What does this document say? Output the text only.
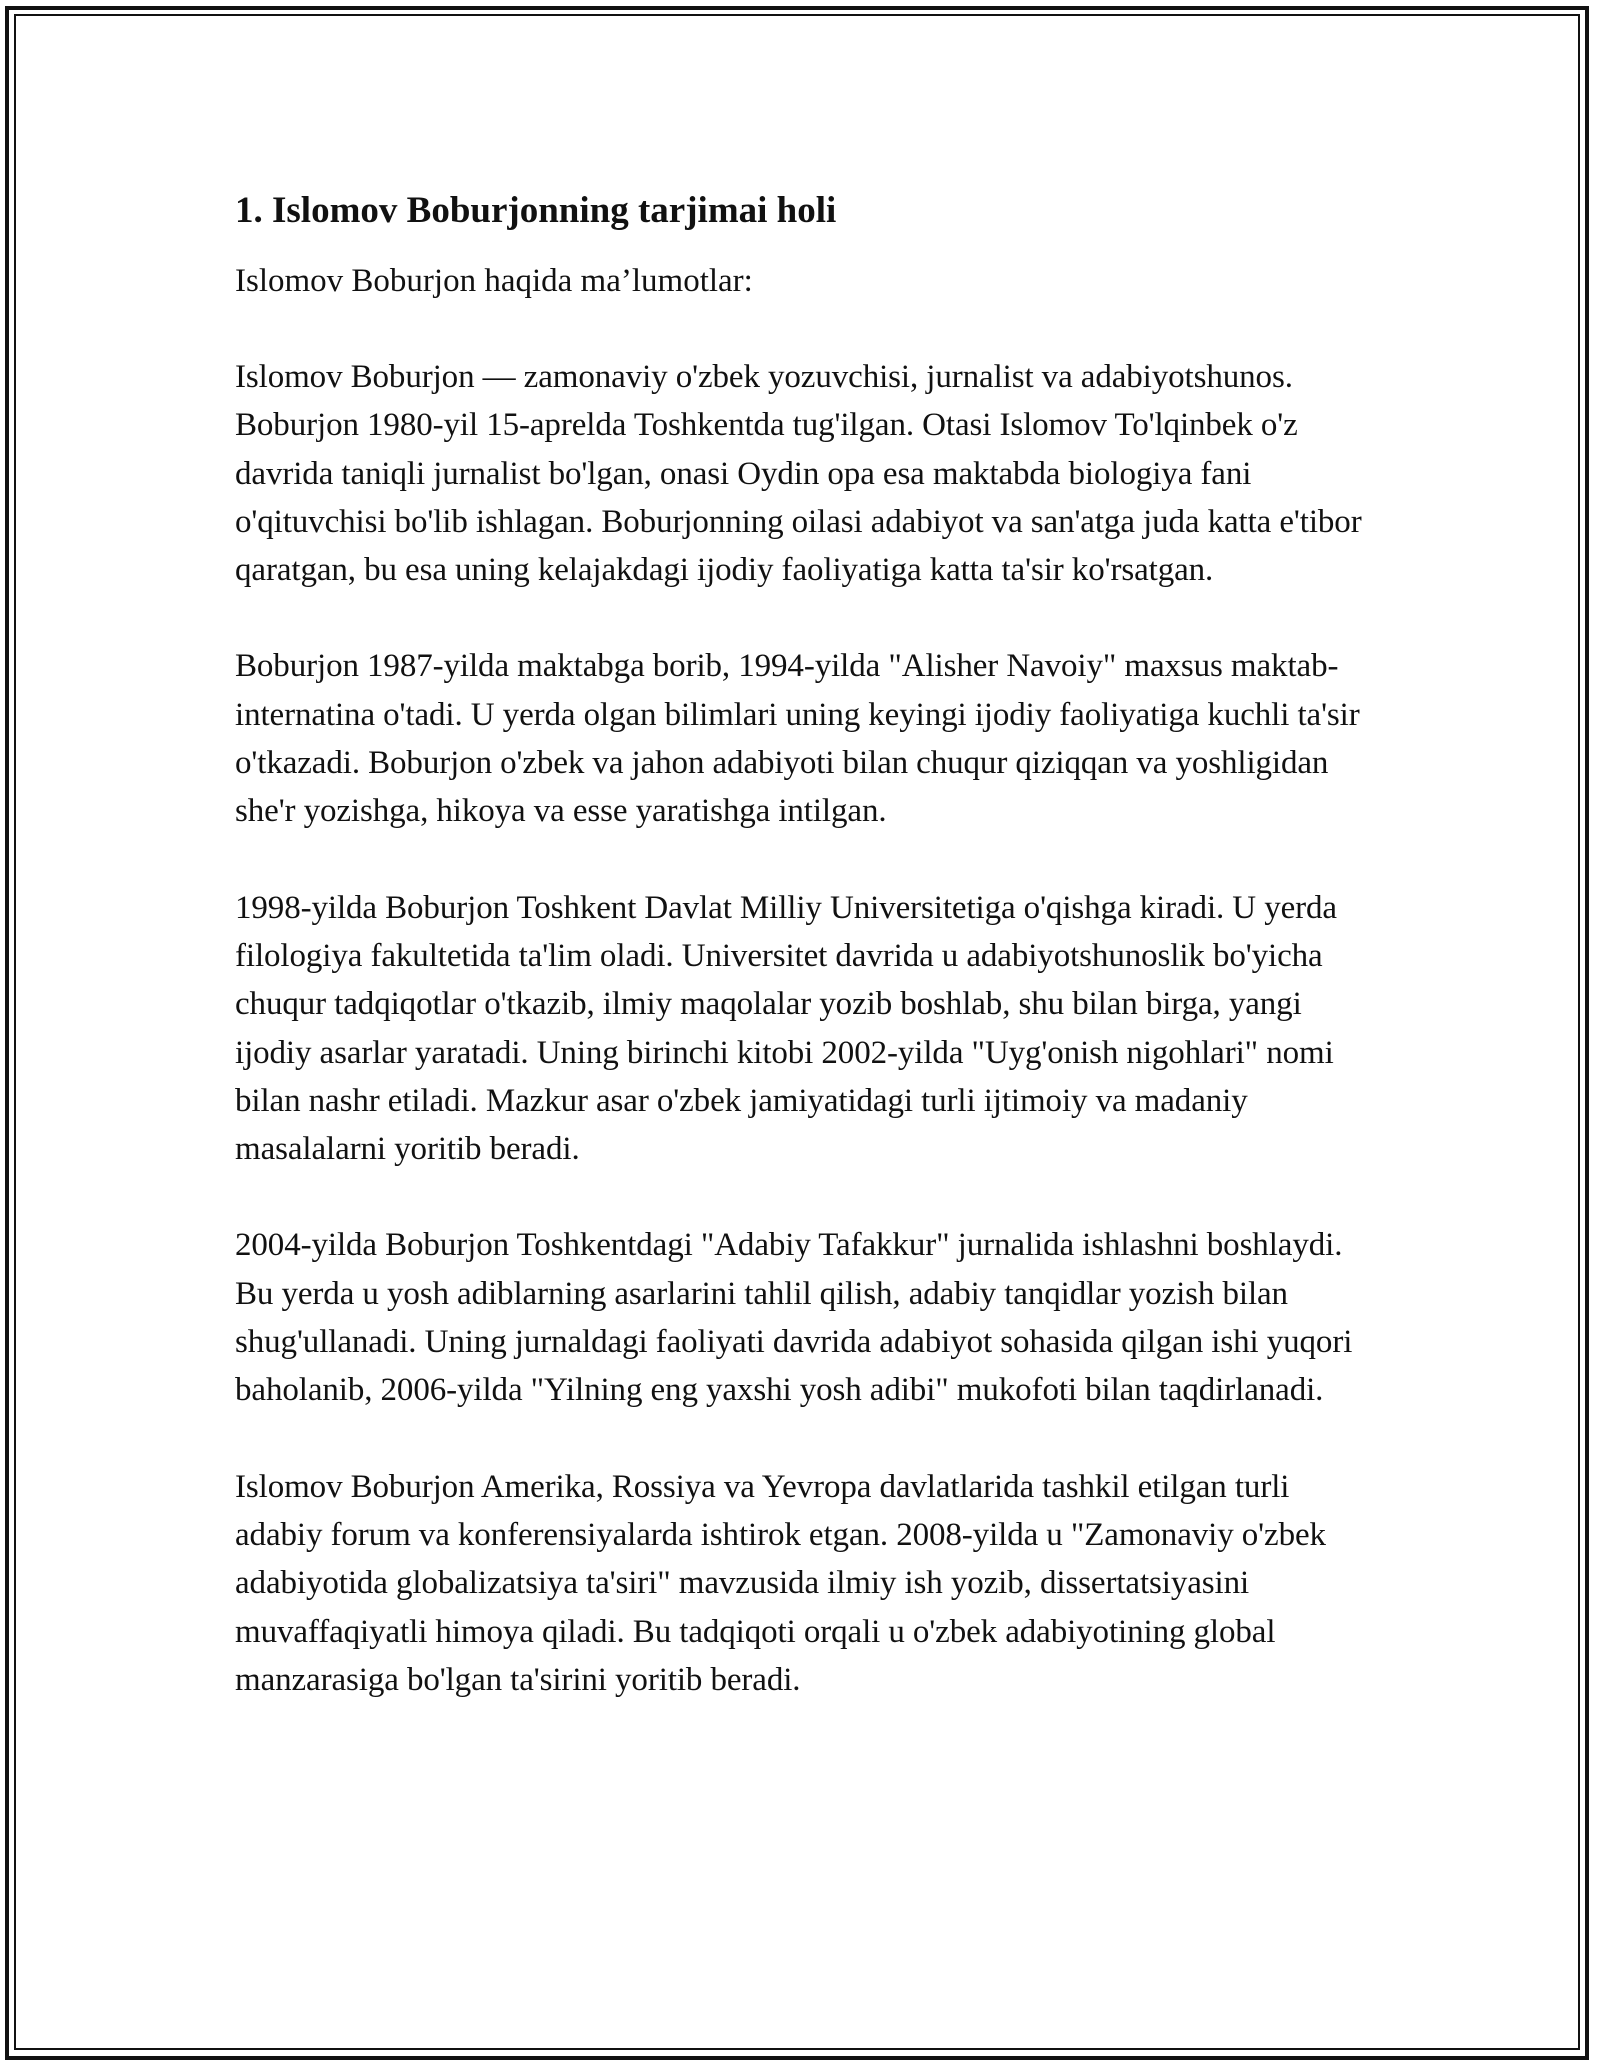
1. Islomov Boburjonning tarjimai holi

Islomov Boburjon haqida ma’lumotlar:

Islomov Boburjon — zamonaviy o'zbek yozuvchisi, jurnalist va adabiyotshunos. Boburjon 1980-yil 15-aprelda Toshkentda tug'ilgan. Otasi Islomov To'lqinbek o'z davrida taniqli jurnalist bo'lgan, onasi Oydin opa esa maktabda biologiya fani o'qituvchisi bo'lib ishlagan. Boburjonning oilasi adabiyot va san'atga juda katta e'tibor qaratgan, bu esa uning kelajakdagi ijodiy faoliyatiga katta ta'sir ko'rsatgan.

Boburjon 1987-yilda maktabga borib, 1994-yilda "Alisher Navoiy" maxsus maktab-internatina o'tadi. U yerda olgan bilimlari uning keyingi ijodiy faoliyatiga kuchli ta'sir o'tkazadi. Boburjon o'zbek va jahon adabiyoti bilan chuqur qiziqqan va yoshligidan she'r yozishga, hikoya va esse yaratishga intilgan.

1998-yilda Boburjon Toshkent Davlat Milliy Universitetiga o'qishga kiradi. U yerda filologiya fakultetida ta'lim oladi. Universitet davrida u adabiyotshunoslik bo'yicha chuqur tadqiqotlar o'tkazib, ilmiy maqolalar yozib boshlab, shu bilan birga, yangi ijodiy asarlar yaratadi. Uning birinchi kitobi 2002-yilda "Uyg'onish nigohlari" nomi bilan nashr etiladi. Mazkur asar o'zbek jamiyatidagi turli ijtimoiy va madaniy masalalarni yoritib beradi.

2004-yilda Boburjon Toshkentdagi "Adabiy Tafakkur" jurnalida ishlashni boshlaydi. Bu yerda u yosh adiblarning asarlarini tahlil qilish, adabiy tanqidlar yozish bilan shug'ullanadi. Uning jurnaldagi faoliyati davrida adabiyot sohasida qilgan ishi yuqori baholanib, 2006-yilda "Yilning eng yaxshi yosh adibi" mukofoti bilan taqdirlanadi.

Islomov Boburjon Amerika, Rossiya va Yevropa davlatlarida tashkil etilgan turli adabiy forum va konferensiyalarda ishtirok etgan. 2008-yilda u "Zamonaviy o'zbek adabiyotida globalizatsiya ta'siri" mavzusida ilmiy ish yozib, dissertatsiyasini muvaffaqiyatli himoya qiladi. Bu tadqiqoti orqali u o'zbek adabiyotining global manzarasiga bo'lgan ta'sirini yoritib beradi.
